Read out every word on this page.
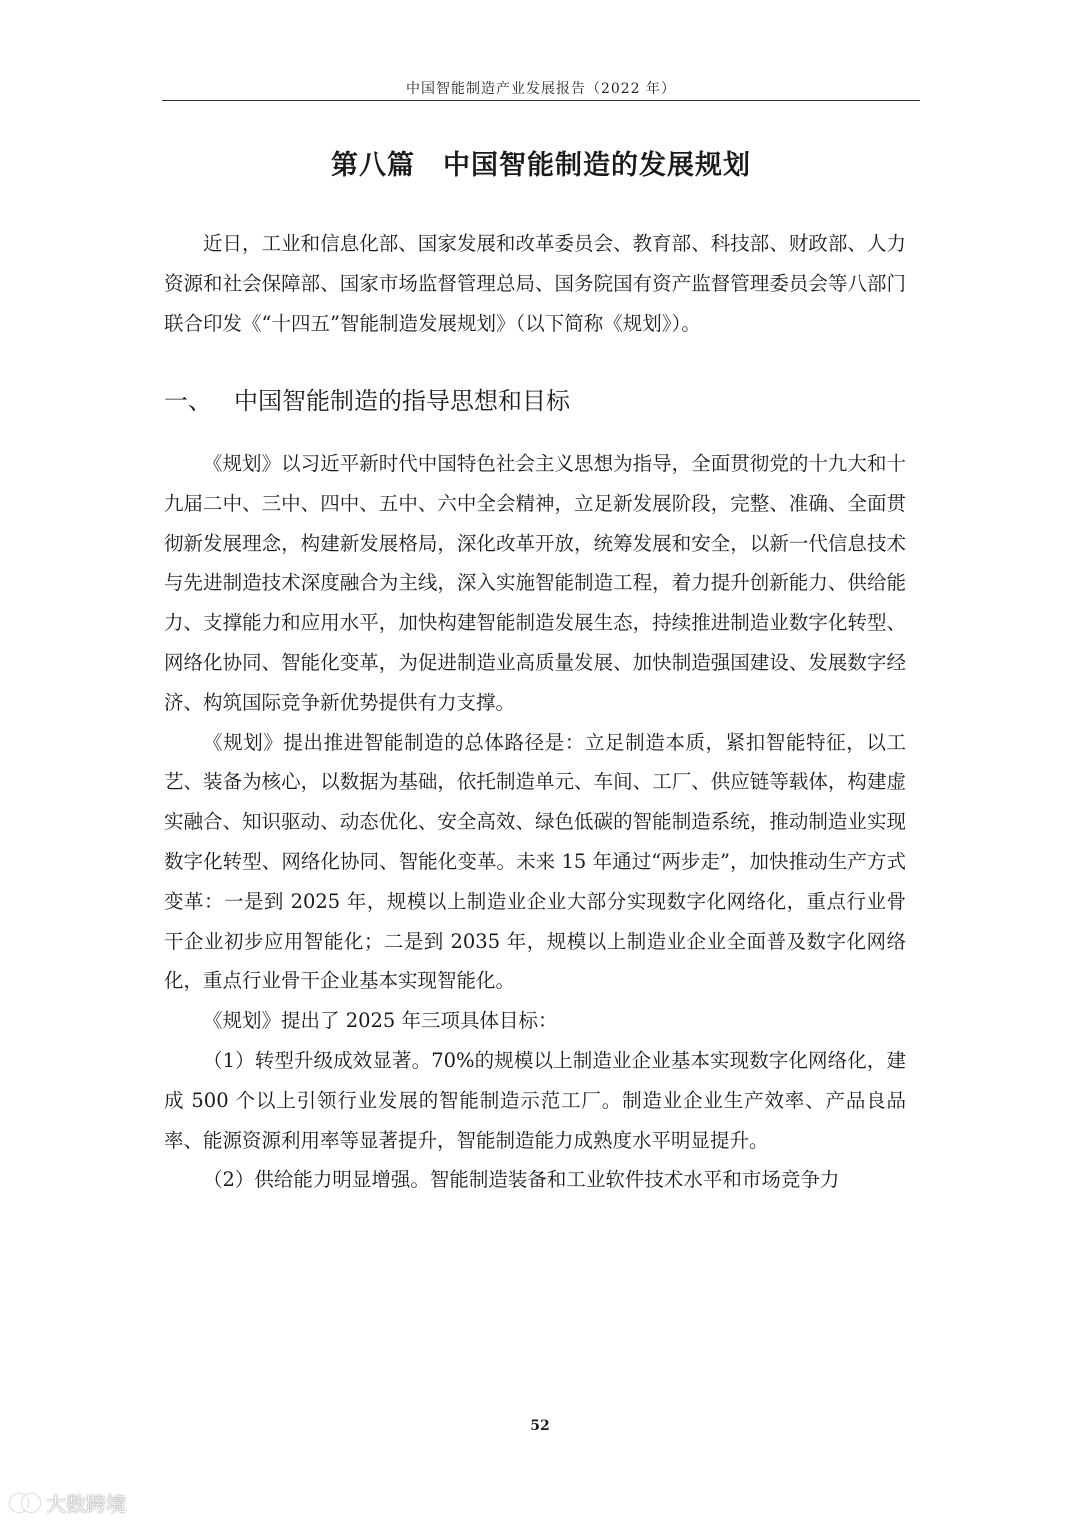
中国智能制造产业发展报告（2022 年）
第八篇　中国智能制造的发展规划

近日，工业和信息化部、国家发展和改革委员会、教育部、科技部、财政部、人力资源和社会保障部、国家市场监督管理总局、国务院国有资产监督管理委员会等八部门联合印发《“十四五”智能制造发展规划》（以下简称《规划》）。

一、 中国智能制造的指导思想和目标

《规划》以习近平新时代中国特色社会主义思想为指导，全面贯彻党的十九大和十九届二中、三中、四中、五中、六中全会精神，立足新发展阶段，完整、准确、全面贯彻新发展理念，构建新发展格局，深化改革开放，统筹发展和安全，以新一代信息技术与先进制造技术深度融合为主线，深入实施智能制造工程，着力提升创新能力、供给能力、支撑能力和应用水平，加快构建智能制造发展生态，持续推进制造业数字化转型、网络化协同、智能化变革，为促进制造业高质量发展、加快制造强国建设、发展数字经济、构筑国际竞争新优势提供有力支撑。

《规划》提出推进智能制造的总体路径是：立足制造本质，紧扣智能特征，以工艺、装备为核心，以数据为基础，依托制造单元、车间、工厂、供应链等载体，构建虚实融合、知识驱动、动态优化、安全高效、绿色低碳的智能制造系统，推动制造业实现数字化转型、网络化协同、智能化变革。未来 15 年通过“两步走”，加快推动生产方式变革：一是到 2025 年，规模以上制造业企业大部分实现数字化网络化，重点行业骨干企业初步应用智能化；二是到 2035 年，规模以上制造业企业全面普及数字化网络化，重点行业骨干企业基本实现智能化。

《规划》提出了 2025 年三项具体目标：

（1）转型升级成效显著。70%的规模以上制造业企业基本实现数字化网络化，建成 500 个以上引领行业发展的智能制造示范工厂。制造业企业生产效率、产品良品率、能源资源利用率等显著提升，智能制造能力成熟度水平明显提升。

（2）供给能力明显增强。智能制造装备和工业软件技术水平和市场竞争力

52
大数跨境
